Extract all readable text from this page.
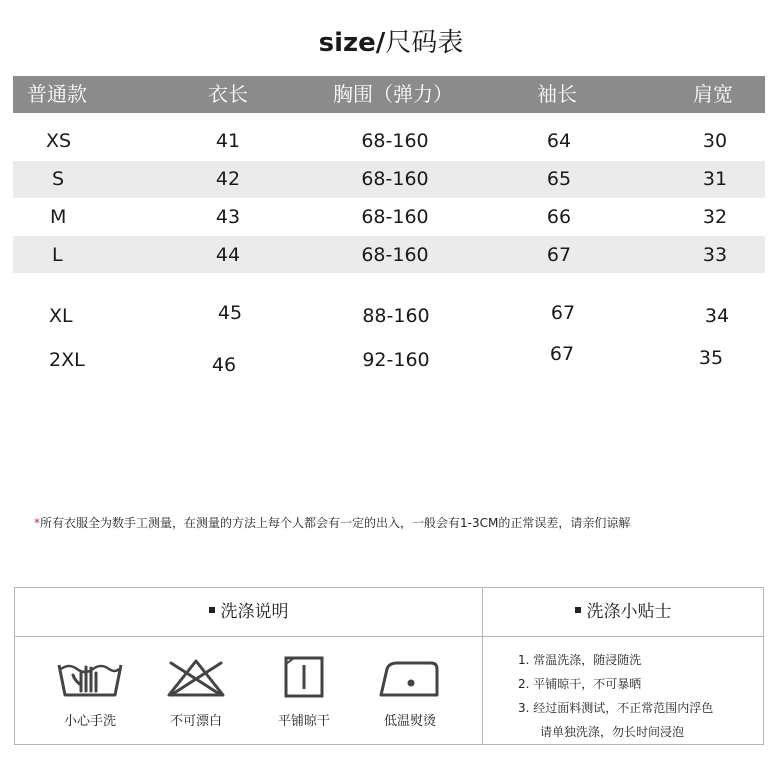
size/尺码表
普通款	衣长	胸围（弹力）	袖长	肩宽
XS	41	68-160	64	30
S	42	68-160	65	31
M	43	68-160	66	32
L	44	68-160	67	33
XL	45	88-160	67	34
2XL	46	92-160	67	35
*所有衣服全为数手工测量，在测量的方法上每个人都会有一定的出入，一般会有1-3CM的正常误差，请亲们谅解
洗涤说明	洗涤小贴士
小心手洗	不可漂白	平铺晾干	低温熨烫
1. 常温洗涤，随浸随洗
2. 平铺晾干，不可暴晒
3. 经过面料测试，不正常范围内浮色
请单独洗涤，勿长时间浸泡
